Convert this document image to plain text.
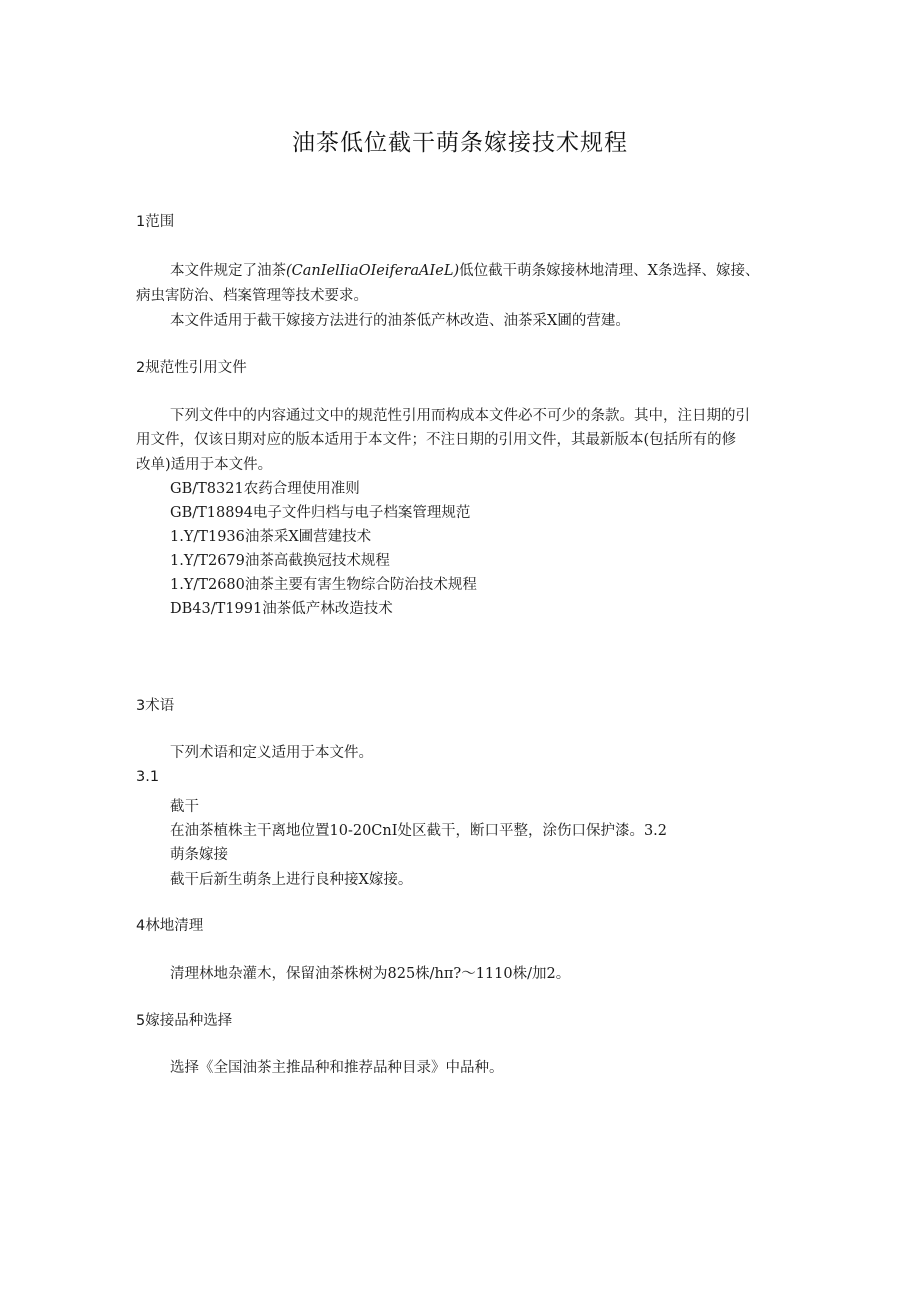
油茶低位截干萌条嫁接技术规程
1范围
本文件规定了油茶(CanIelIiaOIeiferaAIeL)低位截干萌条嫁接林地清理、X条选择、嫁接、
病虫害防治、档案管理等技术要求。
本文件适用于截干嫁接方法进行的油茶低产林改造、油茶采X圃的营建。
2规范性引用文件
下列文件中的内容通过文中的规范性引用而构成本文件必不可少的条款。其中，注日期的引
用文件，仅该日期对应的版本适用于本文件；不注日期的引用文件，其最新版本(包括所有的修
改单)适用于本文件。
GB/T8321农药合理使用准则
GB/T18894电子文件归档与电子档案管理规范
1.Y/T1936油茶采X圃营建技术
1.Y/T2679油茶高截换冠技术规程
1.Y/T2680油茶主要有害生物综合防治技术规程
DB43/T1991油茶低产林改造技术
3术语
下列术语和定义适用于本文件。
3.1
截干
在油茶植株主干离地位置10-20CnI处区截干，断口平整，涂伤口保护漆。3.2
萌条嫁接
截干后新生萌条上进行良种接X嫁接。
4林地清理
清理林地杂灌木，保留油茶株树为825株/hπ?～1110株/加2。
5嫁接品种选择
选择《全国油茶主推品种和推荐品种目录》中品种。
